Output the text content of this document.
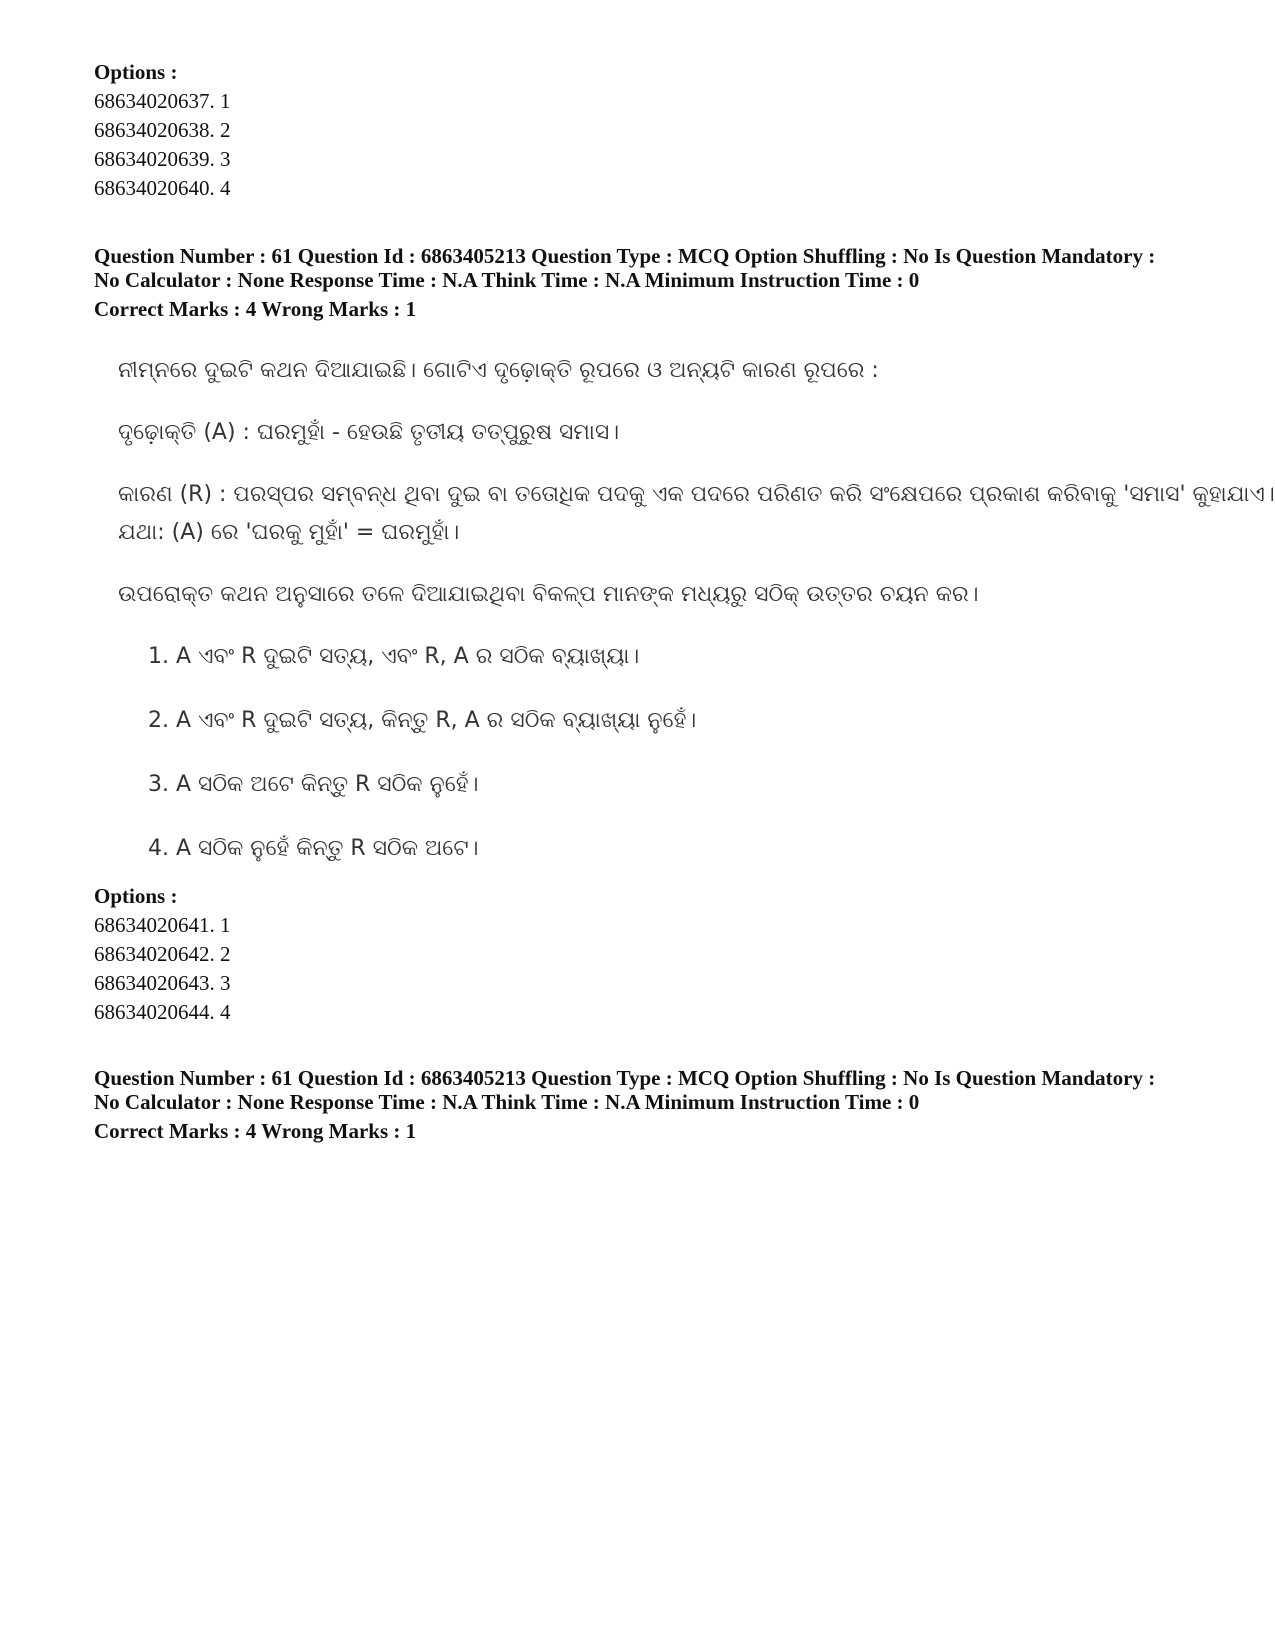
Options :
68634020637. 1
68634020638. 2
68634020639. 3
68634020640. 4
Question Number : 61 Question Id : 6863405213 Question Type : MCQ Option Shuffling : No Is Question Mandatory :
No Calculator : None Response Time : N.A Think Time : N.A Minimum Instruction Time : 0
Correct Marks : 4 Wrong Marks : 1

ନୀମ୍ନରେ ଦୁଇଟି କଥନ ଦିଆଯାଇଛି। ଗୋଟିଏ ଦୃଢ଼ୋକ୍ତି ରୂପରେ ଓ ଅନ୍ୟଟି କାରଣ ରୂପରେ :

ଦୃଢ଼ୋକ୍ତି (A) : ଘରମୁହାଁ - ହେଉଛି ତୃତୀୟ ତତ୍ପୁରୁଷ ସମାସ।

କାରଣ (R) : ପରସ୍ପର ସମ୍ବନ୍ଧ ଥିବା ଦୁଇ ବା ତତୋଧିକ ପଦକୁ ଏକ ପଦରେ ପରିଣତ କରି ସଂକ୍ଷେପରେ ପ୍ରକାଶ କରିବାକୁ 'ସମାସ' କୁହାଯାଏ।

ଯଥା: (A) ରେ 'ଘରକୁ ମୁହାଁ' = ଘରମୁହାଁ।

ଉପରୋକ୍ତ କଥନ ଅନୁସାରେ ତଳେ ଦିଆଯାଇଥିବା ବିକଳ୍ପ ମାନଙ୍କ ମଧ୍ୟରୁ ସଠିକ୍ ଉତ୍ତର ଚୟନ କର।

1. A ଏବଂ R ଦୁଇଟି ସତ୍ୟ, ଏବଂ R, A ର ସଠିକ ବ୍ୟାଖ୍ୟା।

2. A ଏବଂ R ଦୁଇଟି ସତ୍ୟ, କିନ୍ତୁ R, A ର ସଠିକ ବ୍ୟାଖ୍ୟା ନୁହେଁ।

3. A ସଠିକ ଅଟେ କିନ୍ତୁ R ସଠିକ ନୁହେଁ।

4. A ସଠିକ ନୁହେଁ କିନ୍ତୁ R ସଠିକ ଅଟେ।

Options :
68634020641. 1
68634020642. 2
68634020643. 3
68634020644. 4
Question Number : 61 Question Id : 6863405213 Question Type : MCQ Option Shuffling : No Is Question Mandatory :
No Calculator : None Response Time : N.A Think Time : N.A Minimum Instruction Time : 0
Correct Marks : 4 Wrong Marks : 1
